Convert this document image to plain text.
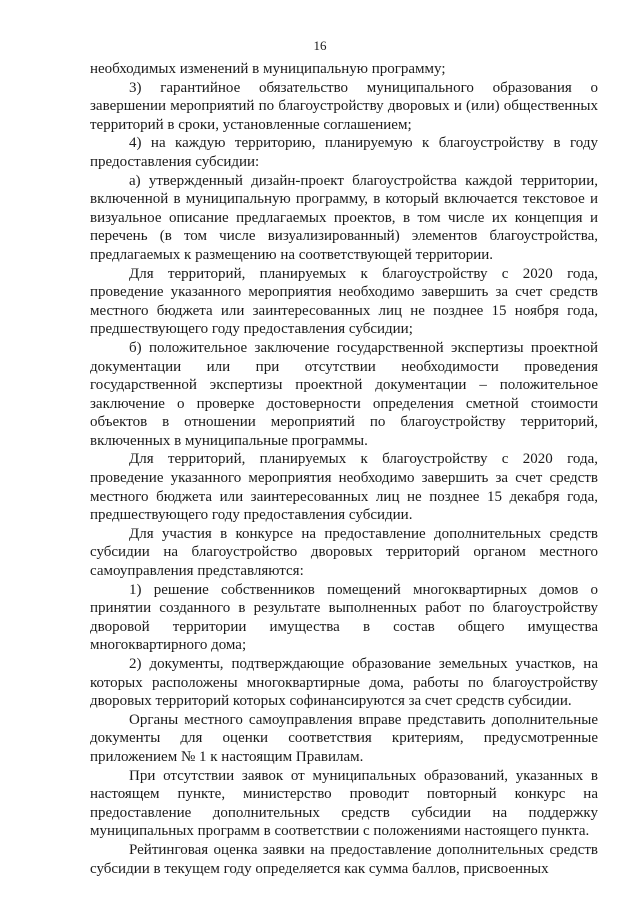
16

необходимых изменений в муниципальную программу;

3) гарантийное обязательство муниципального образования о завершении мероприятий по благоустройству дворовых и (или) общественных территорий в сроки, установленные соглашением;

4) на каждую территорию, планируемую к благоустройству в году предоставления субсидии:

а) утвержденный дизайн-проект благоустройства каждой территории, включенной в муниципальную программу, в который включается текстовое и визуальное описание предлагаемых проектов, в том числе их концепция и перечень (в том числе визуализированный) элементов благоустройства, предлагаемых к размещению на соответствующей территории.

Для территорий, планируемых к благоустройству с 2020 года, проведение указанного мероприятия необходимо завершить за счет средств местного бюджета или заинтересованных лиц не позднее 15 ноября года, предшествующего году предоставления субсидии;

б) положительное заключение государственной экспертизы проектной документации или при отсутствии необходимости проведения государственной экспертизы проектной документации – положительное заключение о проверке достоверности определения сметной стоимости объектов в отношении мероприятий по благоустройству территорий, включенных в муниципальные программы.

Для территорий, планируемых к благоустройству с 2020 года, проведение указанного мероприятия необходимо завершить за счет средств местного бюджета или заинтересованных лиц не позднее 15 декабря года, предшествующего году предоставления субсидии.

Для участия в конкурсе на предоставление дополнительных средств субсидии на благоустройство дворовых территорий органом местного самоуправления представляются:

1) решение собственников помещений многоквартирных домов о принятии созданного в результате выполненных работ по благоустройству дворовой территории имущества в состав общего имущества многоквартирного дома;

2) документы, подтверждающие образование земельных участков, на которых расположены многоквартирные дома, работы по благоустройству дворовых территорий которых софинансируются за счет средств субсидии.

Органы местного самоуправления вправе представить дополнительные документы для оценки соответствия критериям, предусмотренные приложением № 1 к настоящим Правилам.

При отсутствии заявок от муниципальных образований, указанных в настоящем пункте, министерство проводит повторный конкурс на предоставление дополнительных средств субсидии на поддержку муниципальных программ в соответствии с положениями настоящего пункта.

Рейтинговая оценка заявки на предоставление дополнительных средств субсидии в текущем году определяется как сумма баллов, присвоенных
